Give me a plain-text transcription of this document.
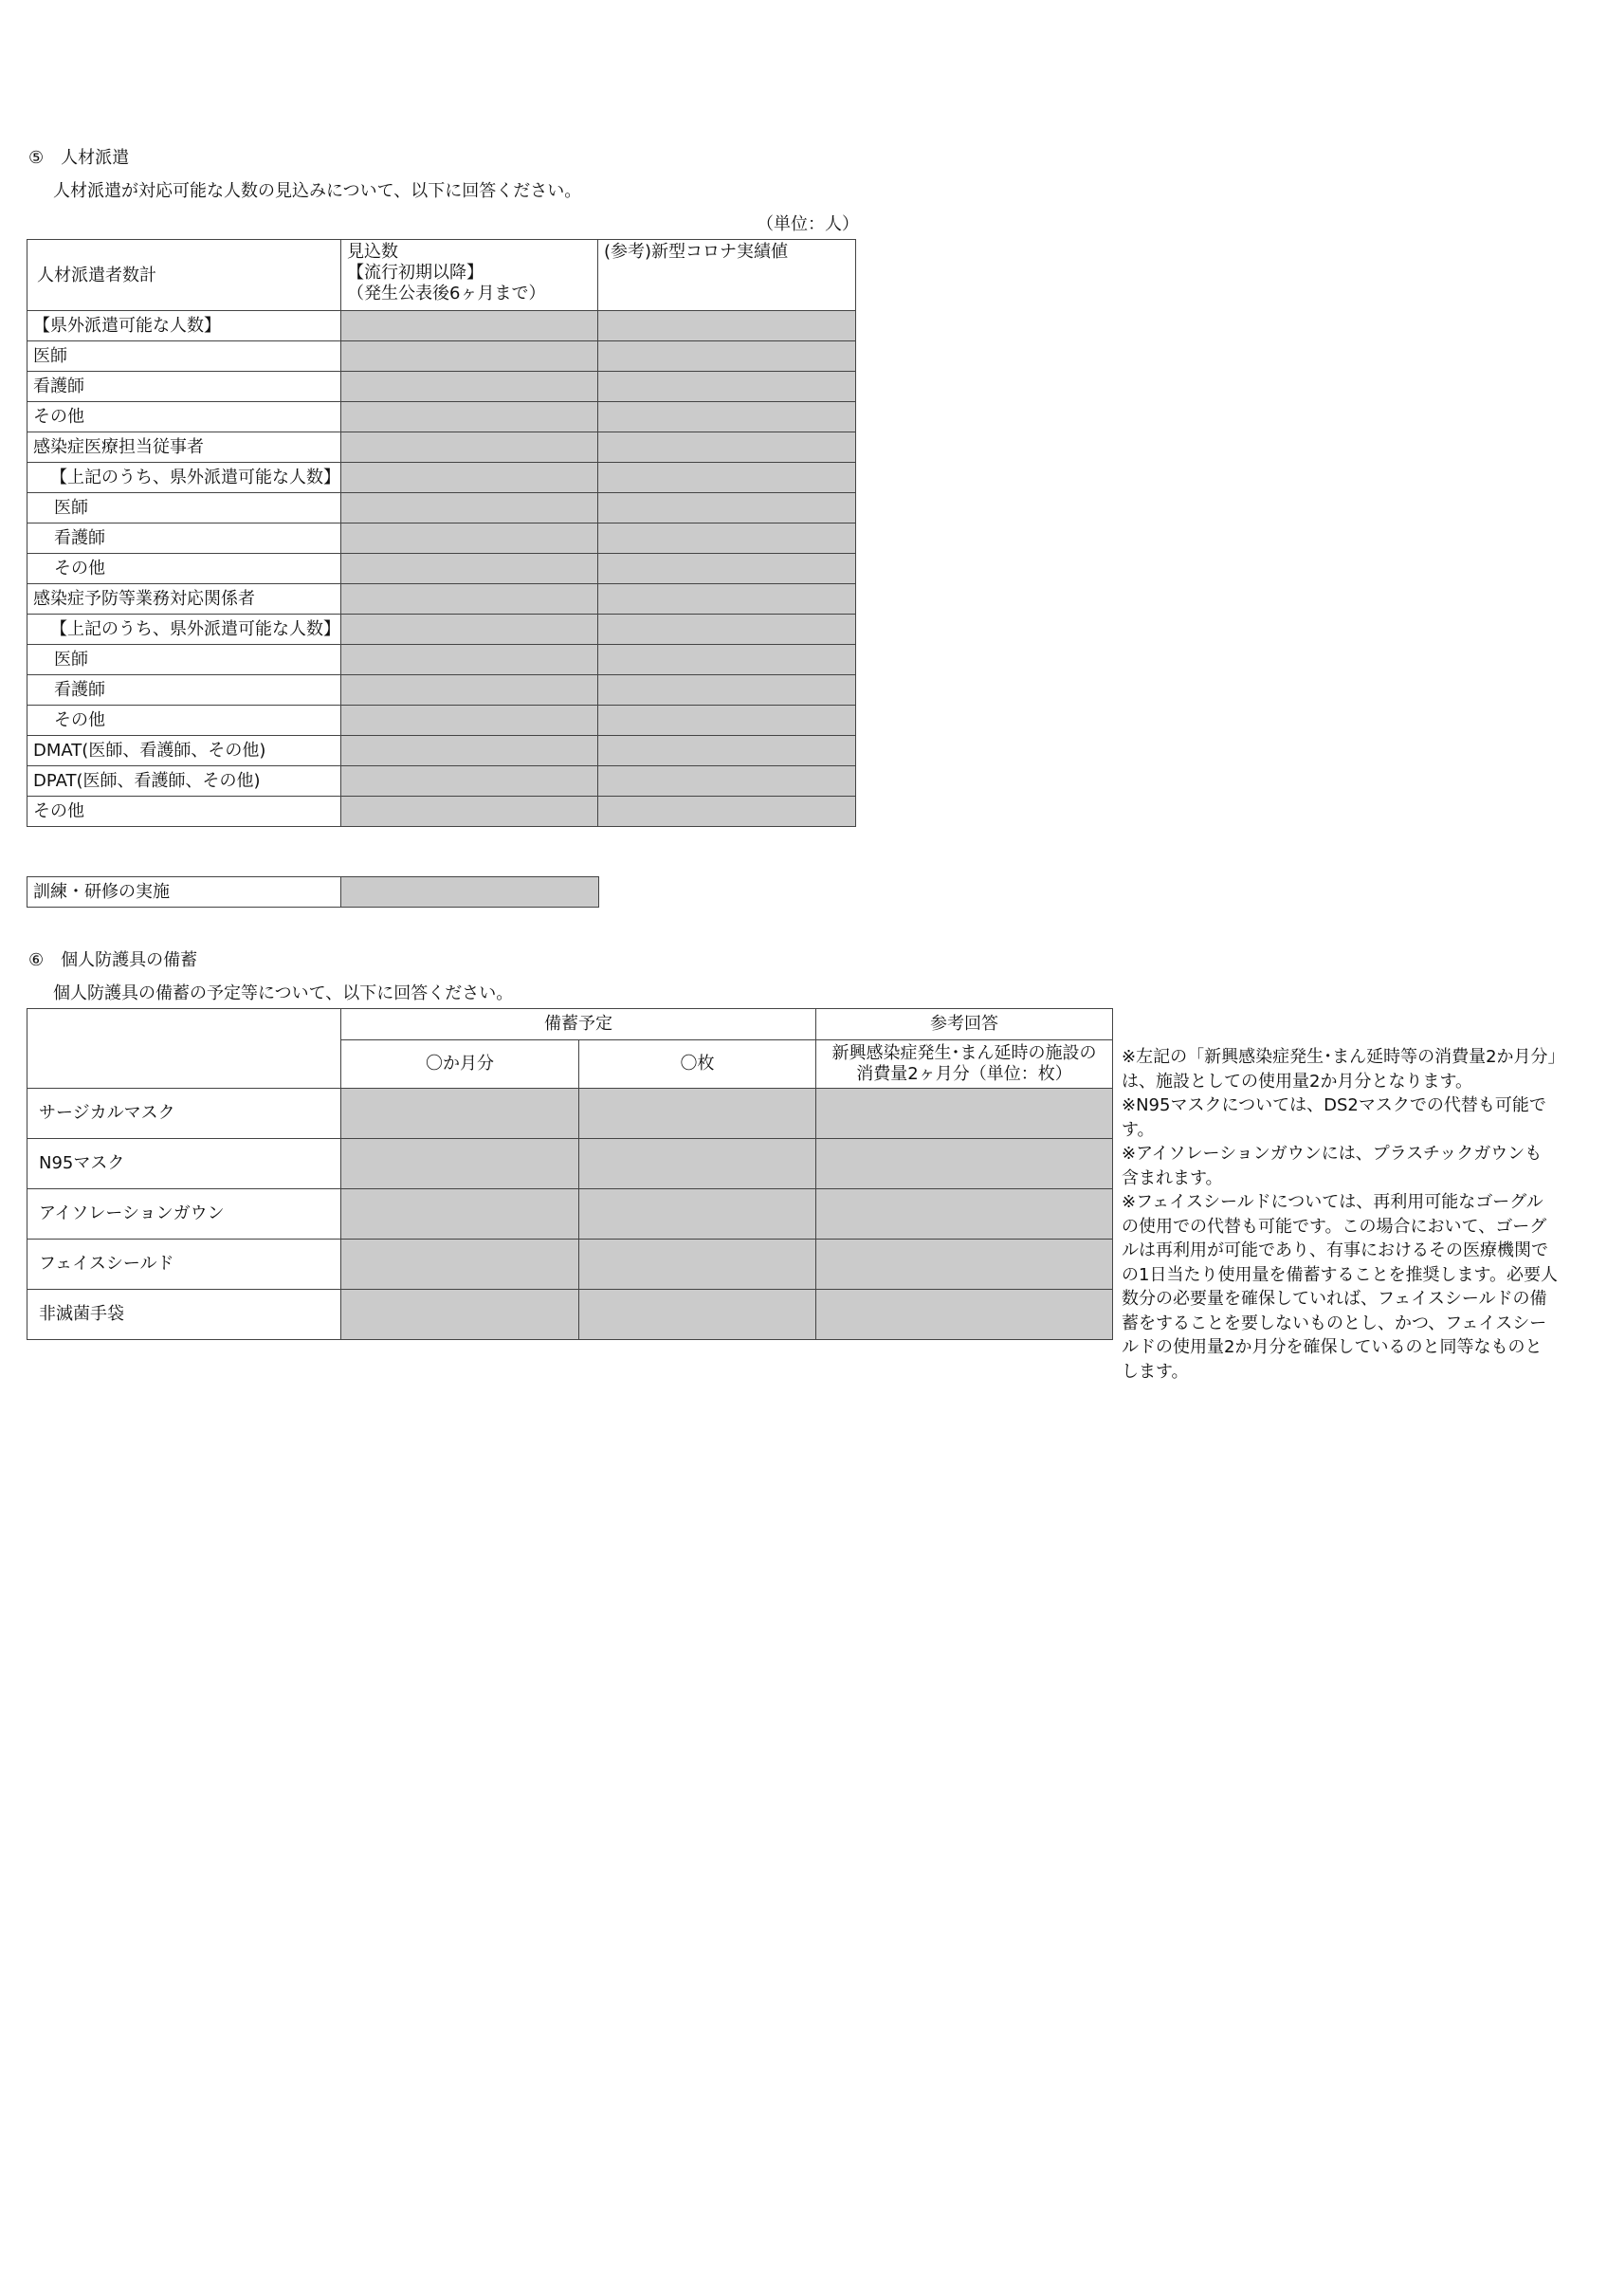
⑤　人材派遣
人材派遣が対応可能な人数の見込みについて、以下に回答ください。
（単位：人）
人材派遣者数計	見込数
【流行初期以降】
（発生公表後6ヶ月まで）	(参考)新型コロナ実績値
【県外派遣可能な人数】		
医師		
看護師		
その他		
感染症医療担当従事者		
【上記のうち、県外派遣可能な人数】		
医師		
看護師		
その他		
感染症予防等業務対応関係者		
【上記のうち、県外派遣可能な人数】		
医師		
看護師		
その他		
DMAT(医師、看護師、その他)		
DPAT(医師、看護師、その他)		
その他		
訓練・研修の実施	
⑥　個人防護具の備蓄
個人防護具の備蓄の予定等について、以下に回答ください。
	備蓄予定		参考回答
	〇か月分	〇枚	新興感染症発生･まん延時の施設の
消費量2ヶ月分（単位：枚）

サージカルマスク			
N95マスク			
アイソレーションガウン			
フェイスシールド			
非滅菌手袋			
※左記の「新興感染症発生･まん延時等の消費量2か月分」
は、施設としての使用量2か月分となります。
※N95マスクについては、DS2マスクでの代替も可能です。
※アイソレーションガウンには、プラスチックガウンも
含まれます。
※フェイスシールドについては、再利用可能なゴーグル
の使用での代替も可能です。この場合において、ゴーグ
ルは再利用が可能であり、有事におけるその医療機関で
の1日当たり使用量を備蓄することを推奨します。必要人
数分の必要量を確保していれば、フェイスシールドの備
蓄をすることを要しないものとし、かつ、フェイスシー
ルドの使用量2か月分を確保しているのと同等なものと
します。
